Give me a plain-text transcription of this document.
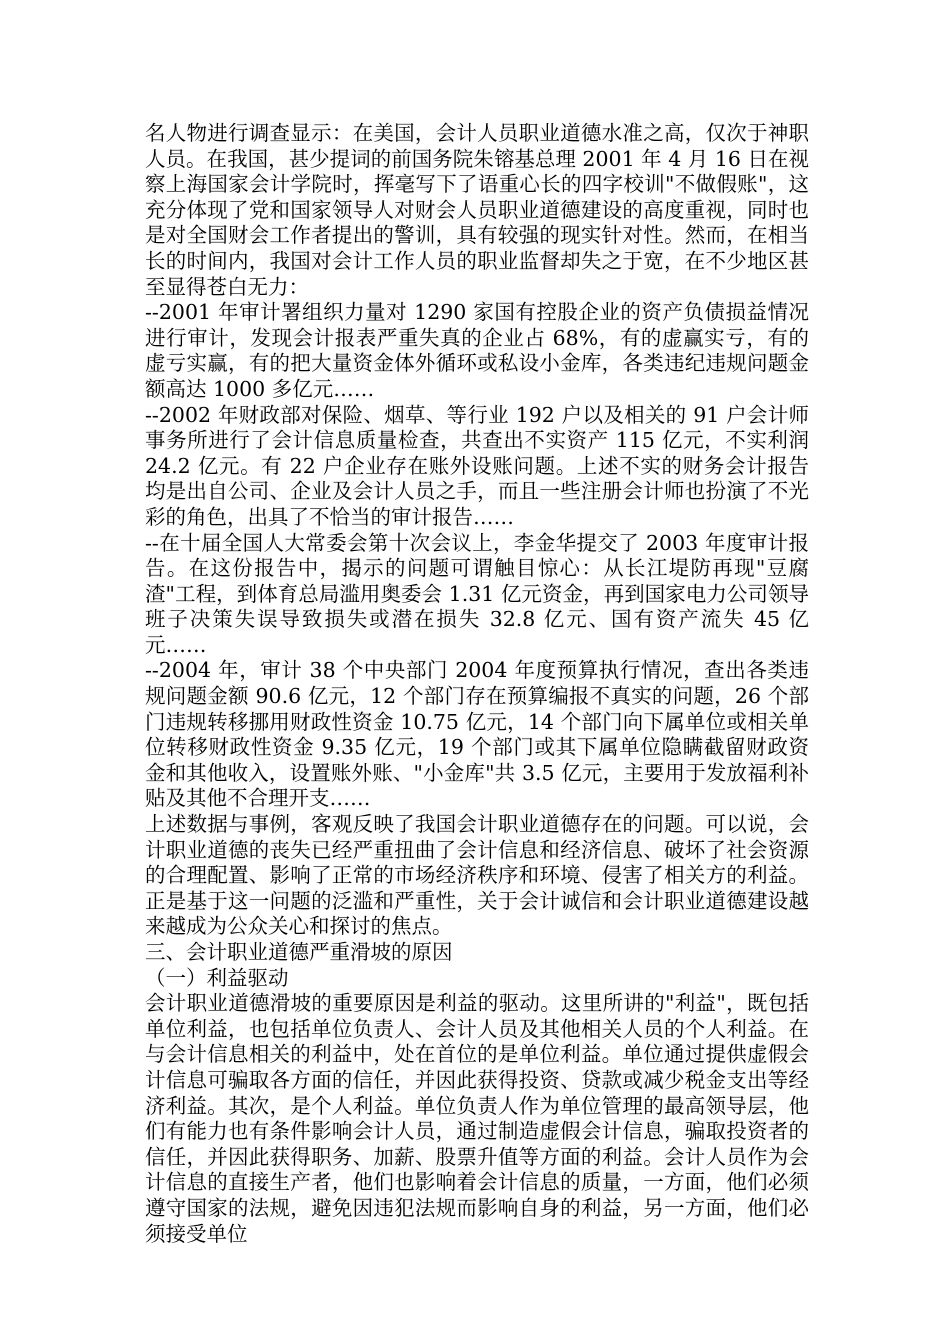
名人物进行调查显示：在美国，会计人员职业道德水准之高，仅次于神职人员。在我国，甚少提词的前国务院朱镕基总理 2001 年 4 月 16 日在视察上海国家会计学院时，挥毫写下了语重心长的四字校训"不做假账"，这充分体现了党和国家领导人对财会人员职业道德建设的高度重视，同时也是对全国财会工作者提出的警训，具有较强的现实针对性。然而，在相当长的时间内，我国对会计工作人员的职业监督却失之于宽，在不少地区甚至显得苍白无力：

--2001 年审计署组织力量对 1290 家国有控股企业的资产负债损益情况进行审计，发现会计报表严重失真的企业占 68%，有的虚赢实亏，有的虚亏实赢，有的把大量资金体外循环或私设小金库，各类违纪违规问题金额高达 1000 多亿元……

--2002 年财政部对保险、烟草、等行业 192 户以及相关的 91 户会计师事务所进行了会计信息质量检查，共查出不实资产 115 亿元，不实利润 24.2 亿元。有 22 户企业存在账外设账问题。上述不实的财务会计报告均是出自公司、企业及会计人员之手，而且一些注册会计师也扮演了不光彩的角色，出具了不恰当的审计报告……

--在十届全国人大常委会第十次会议上，李金华提交了 2003 年度审计报告。在这份报告中，揭示的问题可谓触目惊心：从长江堤防再现"豆腐渣"工程，到体育总局滥用奥委会 1.31 亿元资金，再到国家电力公司领导班子决策失误导致损失或潜在损失 32.8 亿元、国有资产流失 45 亿元……

--2004 年，审计 38 个中央部门 2004 年度预算执行情况，查出各类违规问题金额 90.6 亿元，12 个部门存在预算编报不真实的问题，26 个部门违规转移挪用财政性资金 10.75 亿元，14 个部门向下属单位或相关单位转移财政性资金 9.35 亿元，19 个部门或其下属单位隐瞒截留财政资金和其他收入，设置账外账、"小金库"共 3.5 亿元，主要用于发放福利补贴及其他不合理开支……

上述数据与事例，客观反映了我国会计职业道德存在的问题。可以说，会计职业道德的丧失已经严重扭曲了会计信息和经济信息、破坏了社会资源的合理配置、影响了正常的市场经济秩序和环境、侵害了相关方的利益。正是基于这一问题的泛滥和严重性，关于会计诚信和会计职业道德建设越来越成为公众关心和探讨的焦点。

三、会计职业道德严重滑坡的原因

（一）利益驱动

会计职业道德滑坡的重要原因是利益的驱动。这里所讲的"利益"，既包括单位利益，也包括单位负责人、会计人员及其他相关人员的个人利益。在与会计信息相关的利益中，处在首位的是单位利益。单位通过提供虚假会计信息可骗取各方面的信任，并因此获得投资、贷款或减少税金支出等经济利益。其次，是个人利益。单位负责人作为单位管理的最高领导层，他们有能力也有条件影响会计人员，通过制造虚假会计信息，骗取投资者的信任，并因此获得职务、加薪、股票升值等方面的利益。会计人员作为会计信息的直接生产者，他们也影响着会计信息的质量，一方面，他们必须遵守国家的法规，避免因违犯法规而影响自身的利益，另一方面，他们必须接受单位
